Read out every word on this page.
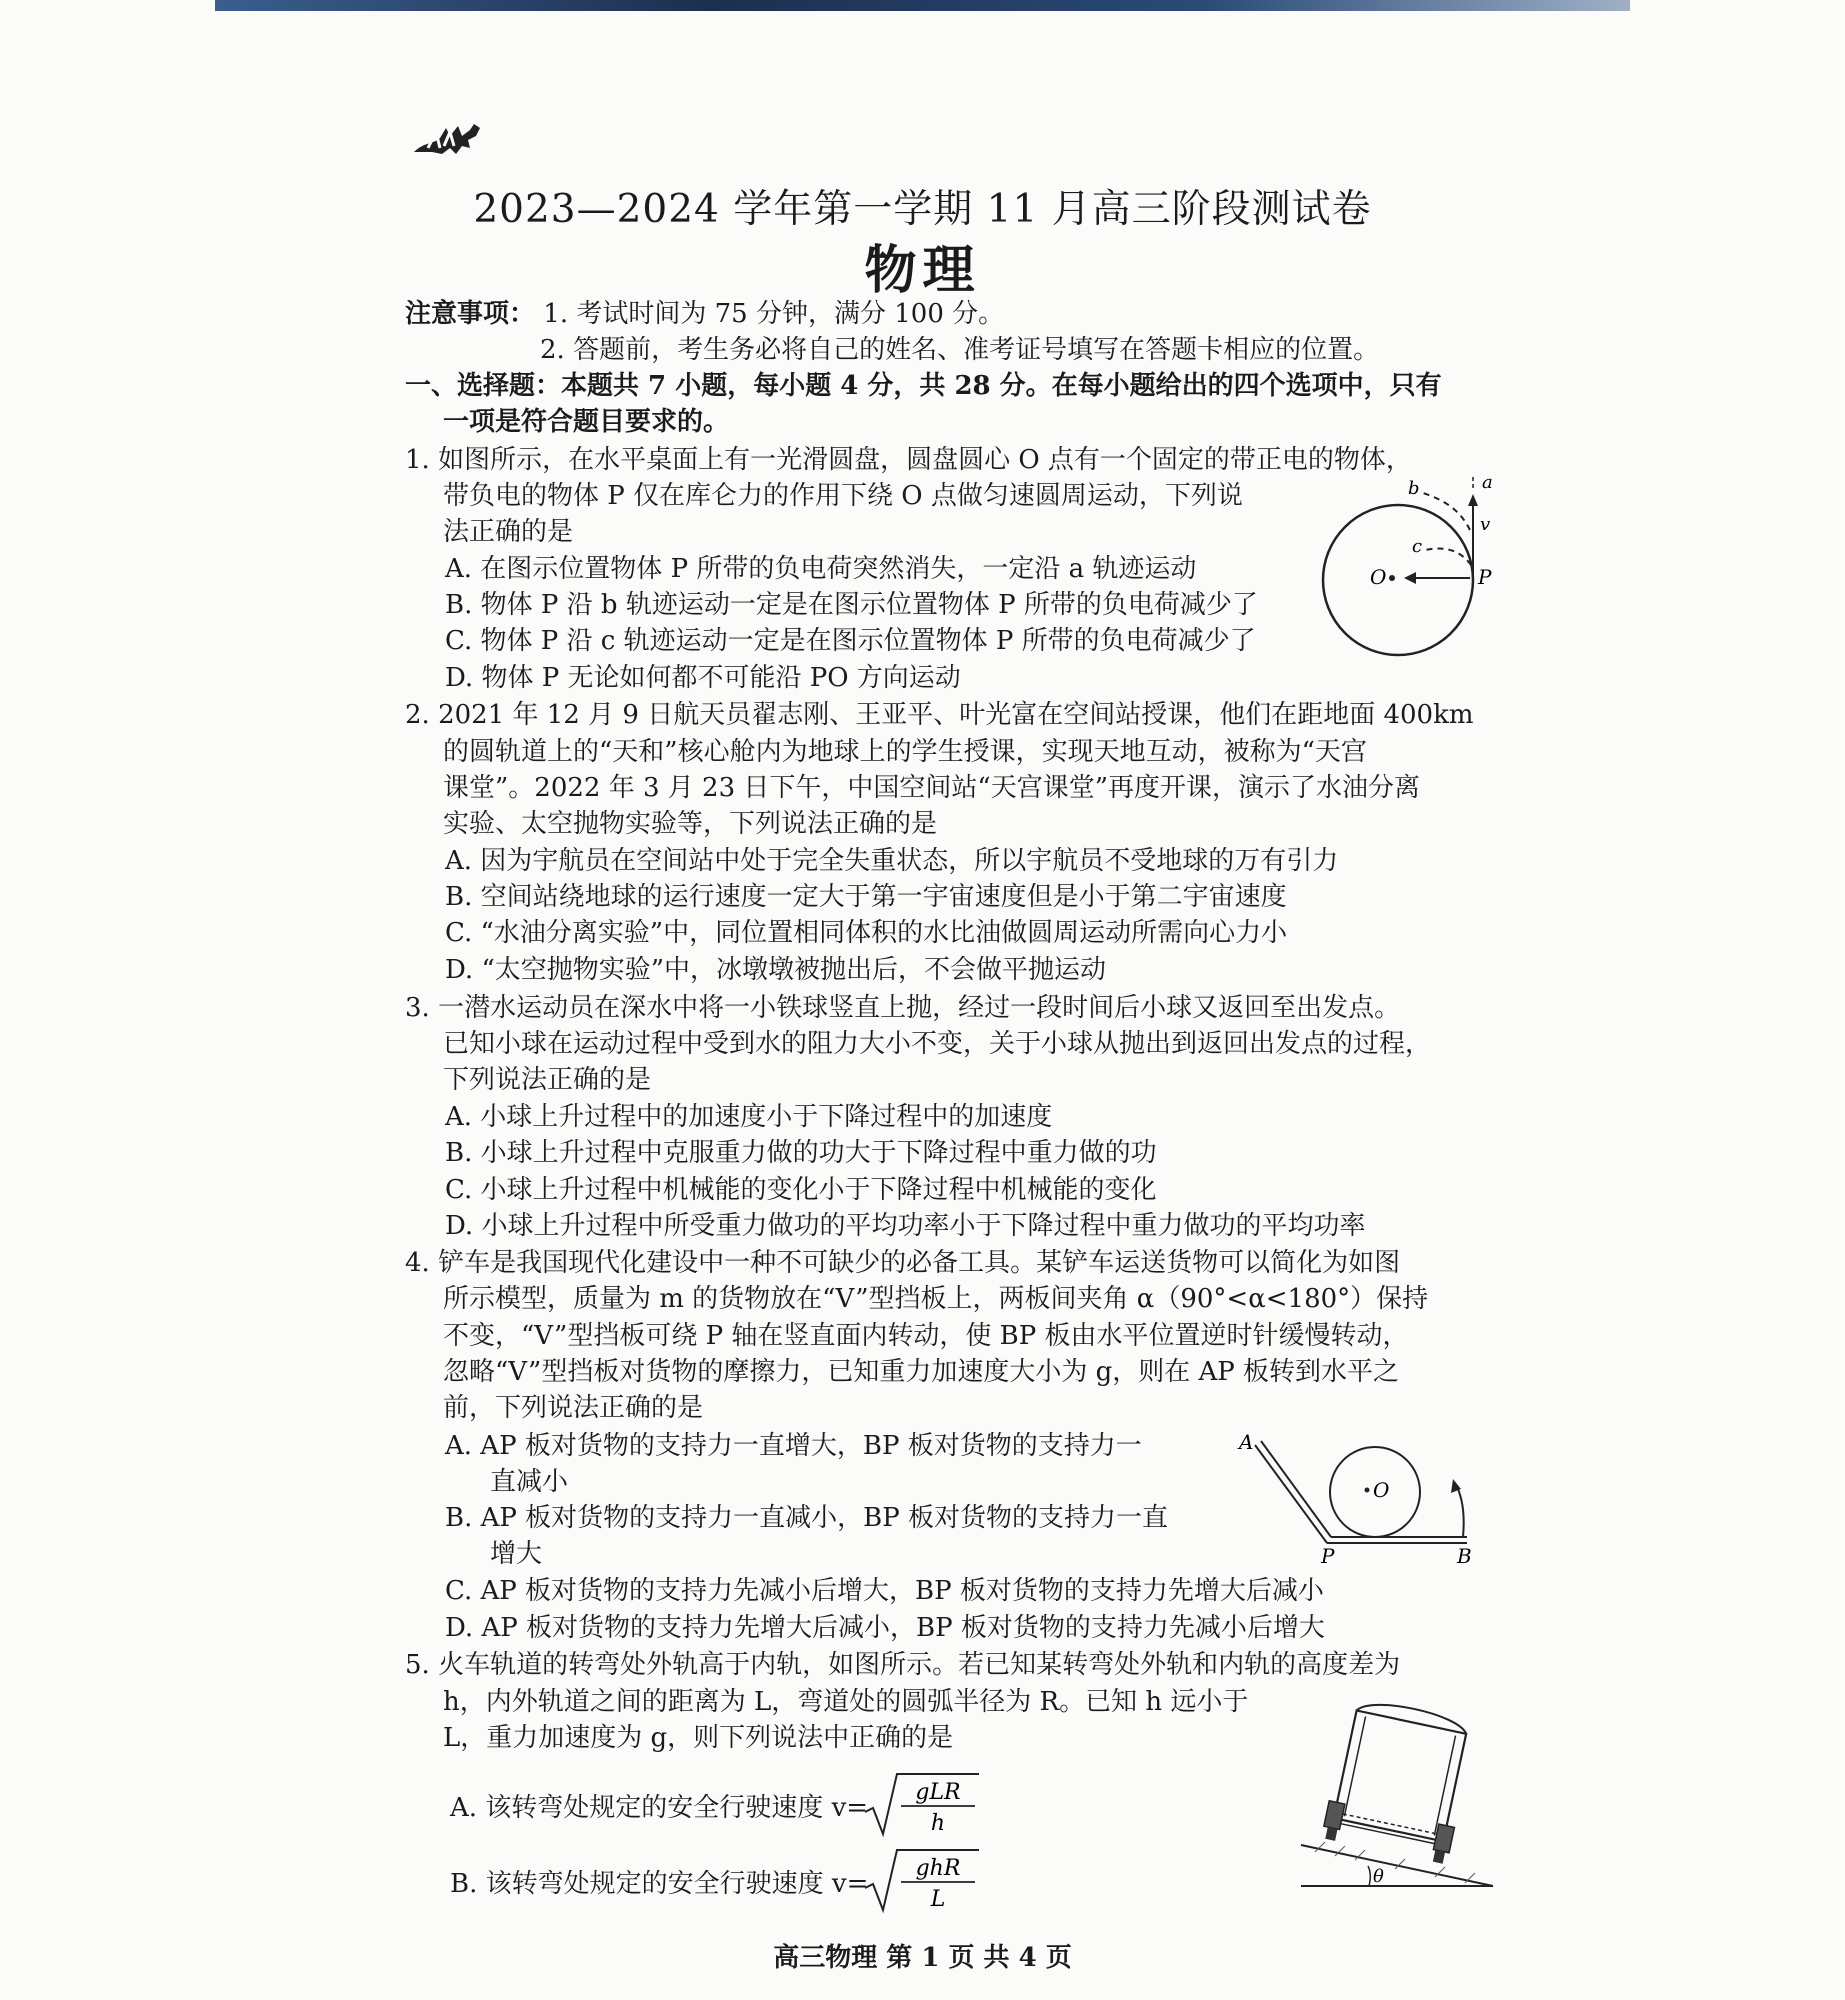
2023—2024 学年第一学期 11 月高三阶段测试卷
物理
注意事项： 1. 考试时间为 75 分钟，满分 100 分。
2. 答题前，考生务必将自己的姓名、准考证号填写在答题卡相应的位置。
一、选择题：本题共 7 小题，每小题 4 分，共 28 分。在每小题给出的四个选项中，只有
一项是符合题目要求的。
1. 如图所示，在水平桌面上有一光滑圆盘，圆盘圆心 O 点有一个固定的带正电的物体，
带负电的物体 P 仅在库仑力的作用下绕 O 点做匀速圆周运动，下列说
法正确的是
A. 在图示位置物体 P 所带的负电荷突然消失，一定沿 a 轨迹运动
B. 物体 P 沿 b 轨迹运动一定是在图示位置物体 P 所带的负电荷减少了
C. 物体 P 沿 c 轨迹运动一定是在图示位置物体 P 所带的负电荷减少了
D. 物体 P 无论如何都不可能沿 PO 方向运动
O	P
a
b
c
v
2. 2021 年 12 月 9 日航天员翟志刚、王亚平、叶光富在空间站授课，他们在距地面 400km
的圆轨道上的“天和”核心舱内为地球上的学生授课，实现天地互动，被称为“天宫
课堂”。2022 年 3 月 23 日下午，中国空间站“天宫课堂”再度开课，演示了水油分离
实验、太空抛物实验等，下列说法正确的是
A. 因为宇航员在空间站中处于完全失重状态，所以宇航员不受地球的万有引力
B. 空间站绕地球的运行速度一定大于第一宇宙速度但是小于第二宇宙速度
C. “水油分离实验”中，同位置相同体积的水比油做圆周运动所需向心力小
D. “太空抛物实验”中，冰墩墩被抛出后，不会做平抛运动
3. 一潜水运动员在深水中将一小铁球竖直上抛，经过一段时间后小球又返回至出发点。
已知小球在运动过程中受到水的阻力大小不变，关于小球从抛出到返回出发点的过程，
下列说法正确的是
A. 小球上升过程中的加速度小于下降过程中的加速度
B. 小球上升过程中克服重力做的功大于下降过程中重力做的功
C. 小球上升过程中机械能的变化小于下降过程中机械能的变化
D. 小球上升过程中所受重力做功的平均功率小于下降过程中重力做功的平均功率
4. 铲车是我国现代化建设中一种不可缺少的必备工具。某铲车运送货物可以简化为如图
所示模型，质量为 m 的货物放在“V”型挡板上，两板间夹角 α（90°<α<180°）保持
不变，“V”型挡板可绕 P 轴在竖直面内转动，使 BP 板由水平位置逆时针缓慢转动，
忽略“V”型挡板对货物的摩擦力，已知重力加速度大小为 g，则在 AP 板转到水平之
前，下列说法正确的是
A. AP 板对货物的支持力一直增大，BP 板对货物的支持力一
直减小
B. AP 板对货物的支持力一直减小，BP 板对货物的支持力一直
增大
C. AP 板对货物的支持力先减小后增大，BP 板对货物的支持力先增大后减小
D. AP 板对货物的支持力先增大后减小，BP 板对货物的支持力先减小后增大
A
P	B
O
5. 火车轨道的转弯处外轨高于内轨，如图所示。若已知某转弯处外轨和内轨的高度差为
h，内外轨道之间的距离为 L，弯道处的圆弧半径为 R。已知 h 远小于
L，重力加速度为 g，则下列说法中正确的是
A. 该转弯处规定的安全行驶速度 v=
gLR
h
B. 该转弯处规定的安全行驶速度 v=
ghR
L
θ
高三物理 第 1 页 共 4 页
